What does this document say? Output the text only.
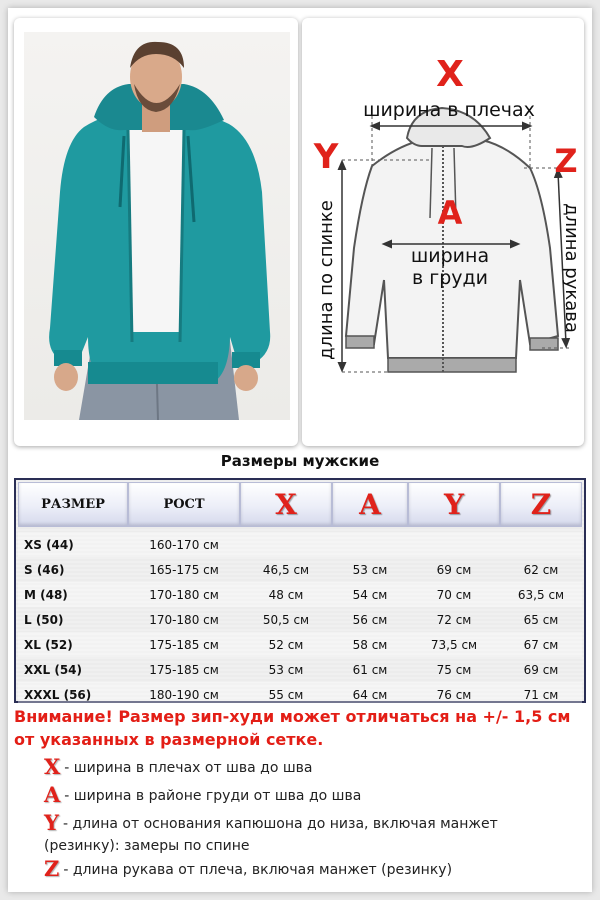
X
Y	Z
A
ширина в плечах
ширина
в груди
длина по спинке	длина рукава
Размеры мужские
РАЗМЕР	РОСТ	X	A	Y	Z
XS (44)	160-170 см
S (46)	165-175 см	46,5 см	53 см	69 см	62 см
M (48)	170-180 см	48 см	54 см	70 см	63,5 см
L (50)	170-180 см	50,5 см	56 см	72 см	65 см
XL (52)	175-185 см	52 см	58 см	73,5 см	67 см
XXL (54)	175-185 см	53 см	61 см	75 см	69 см
XXXL (56)	180-190 см	55 см	64 см	76 см	71 см
Внимание! Размер зип-худи может отличаться на +/- 1,5 см от указанных в размерной сетке.
X - ширина в плечах от шва до шва
A - ширина в районе груди от шва до шва
Y - длина от основания капюшона до низа, включая манжет (резинку): замеры по спине
Z - длина рукава от плеча, включая манжет (резинку)
